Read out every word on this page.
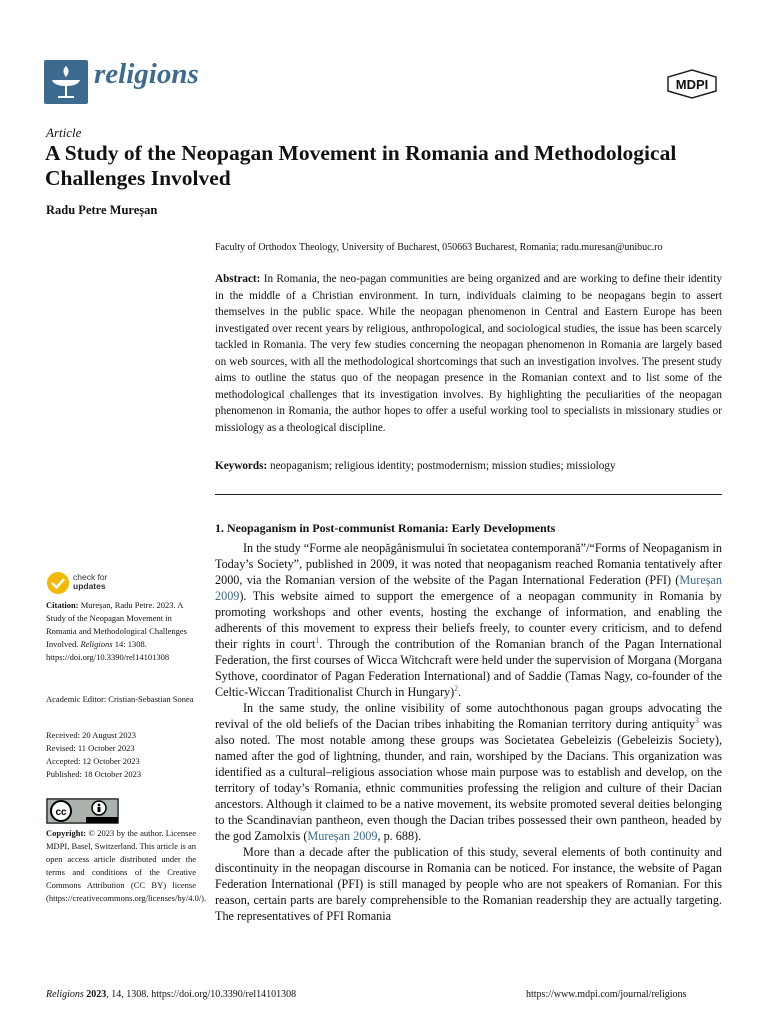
religions	MDPI
Article
A Study of the Neopagan Movement in Romania and Methodological Challenges Involved
Radu Petre Mureșan
Faculty of Orthodox Theology, University of Bucharest, 050663 Bucharest, Romania; radu.muresan@unibuc.ro
Abstract: In Romania, the neo-pagan communities are being organized and are working to define their identity in the middle of a Christian environment. In turn, individuals claiming to be neopagans begin to assert themselves in the public space. While the neopagan phenomenon in Central and Eastern Europe has been investigated over recent years by religious, anthropological, and sociological studies, the issue has been scarcely tackled in Romania. The very few studies concerning the neopagan phenomenon in Romania are largely based on web sources, with all the methodological shortcomings that such an investigation involves. The present study aims to outline the status quo of the neopagan presence in the Romanian context and to list some of the methodological challenges that its investigation involves. By highlighting the peculiarities of the neopagan phenomenon in Romania, the author hopes to offer a useful working tool to specialists in missionary studies or missiology as a theological discipline.
Keywords: neopaganism; religious identity; postmodernism; mission studies; missiology
1. Neopaganism in Post-communist Romania: Early Developments

In the study “Forme ale neopăgânismului în societatea contemporană”/“Forms of Neopaganism in Today’s Society”, published in 2009, it was noted that neopaganism reached Romania tentatively after 2000, via the Romanian version of the website of the Pagan International Federation (PFI) (Mureșan 2009). This website aimed to support the emergence of a neopagan community in Romania by promoting workshops and other events, hosting the exchange of information, and enabling the adherents of this movement to express their beliefs freely, to counter every criticism, and to defend their rights in court$^1$. Through the contribution of the Romanian branch of the Pagan International Federation, the first courses of Wicca Witchcraft were held under the supervision of Morgana (Morgana Sythove, coordinator of Pagan Federation International) and of Saddie (Tamas Nagy, co-founder of the Celtic-Wiccan Traditionalist Church in Hungary)$^2$.

In the same study, the online visibility of some autochthonous pagan groups advocating the revival of the old beliefs of the Dacian tribes inhabiting the Romanian territory during antiquity$^3$ was also noted. The most notable among these groups was Societatea Gebeleizis (Gebeleizis Society), named after the god of lightning, thunder, and rain, worshiped by the Dacians. This organization was identified as a cultural–religious association whose main purpose was to establish and develop, on the territory of today’s Romania, ethnic communities professing the religion and culture of their Dacian ancestors. Although it claimed to be a native movement, its website promoted several deities belonging to the Scandinavian pantheon, even though the Dacian tribes possessed their own pantheon, headed by the god Zamolxis (Mureșan 2009, p. 688).

More than a decade after the publication of this study, several elements of both continuity and discontinuity in the neopagan discourse in Romania can be noticed. For instance, the website of Pagan Federation International (PFI) is still managed by people who are not speakers of Romanian. For this reason, certain parts are barely comprehensible to the Romanian readership they are actually targeting. The representatives of PFI Romania

check for
updates
Citation: Mureșan, Radu Petre. 2023. A Study of the Neopagan Movement in Romania and Methodological Challenges Involved. Religions 14: 1308. https://doi.org/10.3390/rel14101308
Academic Editor: Cristian-Sebastian Sonea
Received: 20 August 2023
Revised: 11 October 2023
Accepted: 12 October 2023
Published: 18 October 2023
cc
Copyright: © 2023 by the author. Licensee MDPI, Basel, Switzerland. This article is an open access article distributed under the terms and conditions of the Creative Commons Attribution (CC BY) license (https://creativecommons.org/licenses/by/4.0/).
Religions 2023, 14, 1308. https://doi.org/10.3390/rel14101308	https://www.mdpi.com/journal/religions
